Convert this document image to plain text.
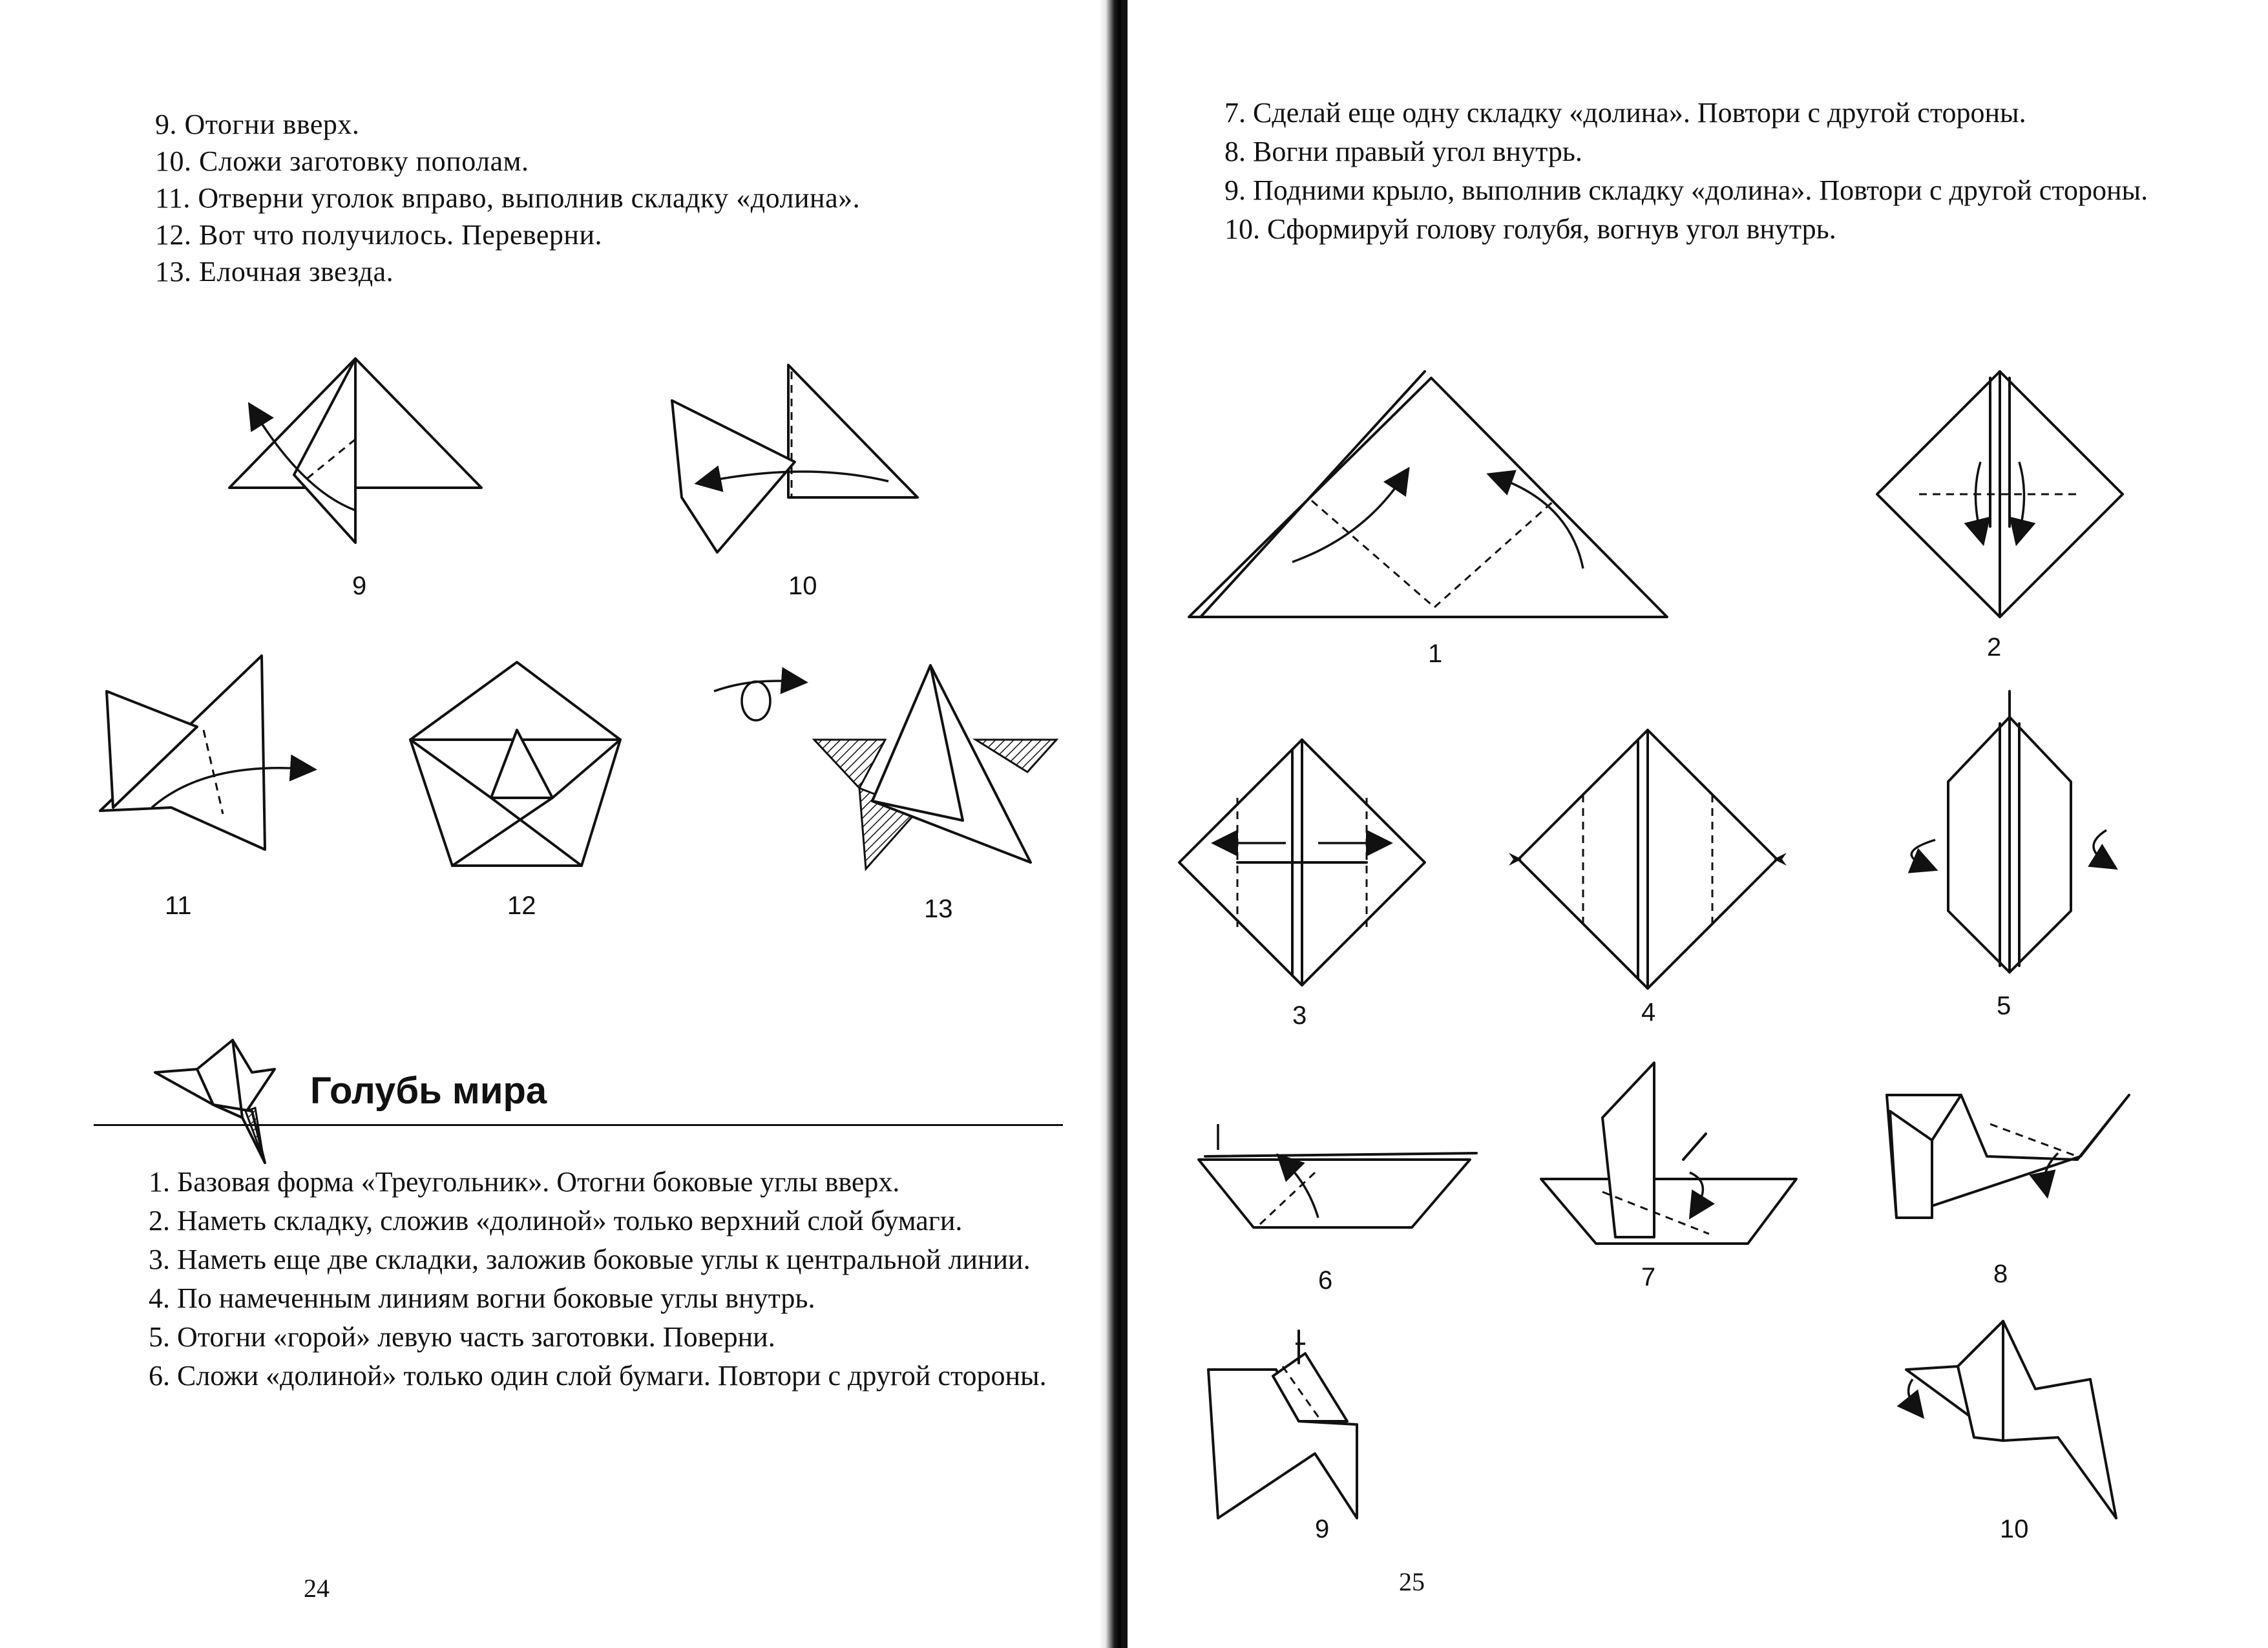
9. Отогни вверх.
10. Сложи заготовку пополам.
11. Отверни уголок вправо, выполнив складку «долина».
12. Вот что получилось. Переверни.
13. Елочная звезда.
9	10
11	12	13
Голубь мира
1. Базовая форма «Треугольник». Отогни боковые углы вверх.
2. Наметь складку, сложив «долиной» только верхний слой бумаги.
3. Наметь еще две складки, заложив боковые углы к центральной линии.
4. По намеченным линиям вогни боковые углы внутрь.
5. Отогни «горой» левую часть заготовки. Поверни.
6. Сложи «долиной» только один слой бумаги. Повтори с другой стороны.
24
7. Сделай еще одну складку «долина». Повтори с другой стороны.
8. Вогни правый угол внутрь.
9. Подними крыло, выполнив складку «долина». Повтори с другой стороны.
10. Сформируй голову голубя, вогнув угол внутрь.
1	2
3	4	5
6	7	8
9	10
25
